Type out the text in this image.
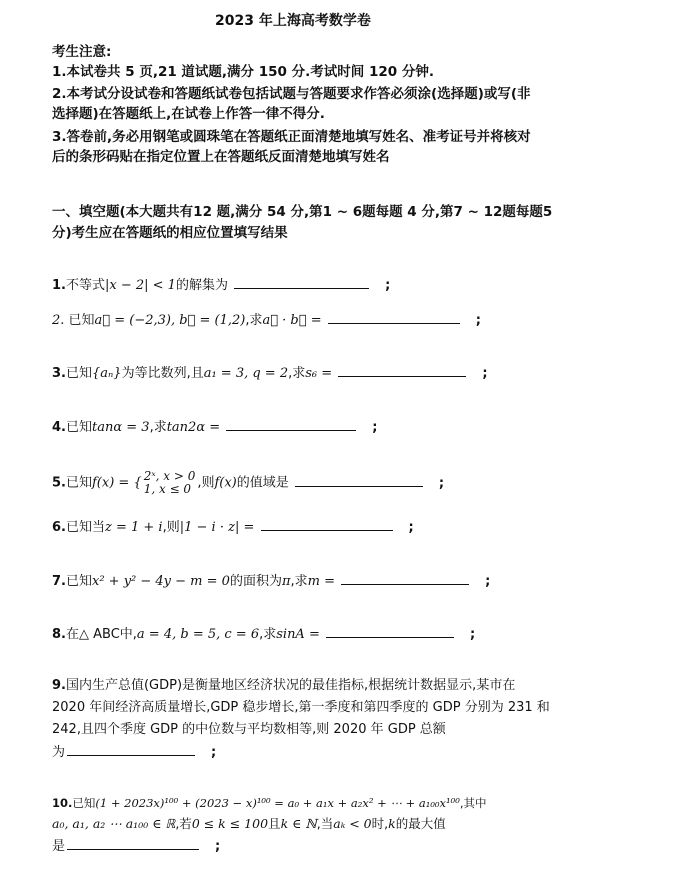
2023 年上海高考数学卷
考生注意:
1.本试卷共 5 页,21 道试题,满分 150 分.考试时间 120 分钟.
2.本考试分设试卷和答题纸试卷包括试题与答题要求作答必须涂(选择题)或写(非
选择题)在答题纸上,在试卷上作答一律不得分.
3.答卷前,务必用钢笔或圆珠笔在答题纸正面清楚地填写姓名、准考证号并将核对
后的条形码贴在指定位置上在答题纸反面清楚地填写姓名
一、填空题(本大题共有12 题,满分 54 分,第1 ~ 6题每题 4 分,第7 ~ 12题每题5
分)考生应在答题纸的相应位置填写结果
1.不等式|x − 2| < 1的解集为	;
2. 已知a⃗ = (−2,3), b⃗ = (1,2),求a⃗ · b⃗ =	;
3.已知{aₙ}为等比数列,且a₁ = 3, q = 2,求s₆ =	;
4.已知tanα = 3,求tan2α =	;
5.已知f(x) = { 2ˣ, x > 0
1, x ≤ 0 ,则f(x)的值域是	;
6.已知当z = 1 + i,则|1 − i · z| =	;
7.已知x² + y² − 4y − m = 0的面积为π,求m =	;
8.在△ ABC中,a = 4, b = 5, c = 6,求sinA =	;
9.国内生产总值(GDP)是衡量地区经济状况的最佳指标,根据统计数据显示,某市在
2020 年间经济高质量增长,GDP 稳步增长,第一季度和第四季度的 GDP 分别为 231 和
242,且四个季度 GDP 的中位数与平均数相等,则 2020 年 GDP 总额
为	;
10.已知(1 + 2023x)¹⁰⁰ + (2023 − x)¹⁰⁰ = a₀ + a₁x + a₂x² + ⋯ + a₁₀₀x¹⁰⁰,其中
a₀, a₁, a₂ ⋯ a₁₀₀ ∈ ℝ,若0 ≤ k ≤ 100且k ∈ ℕ,当aₖ < 0时,k的最大值
是	;
